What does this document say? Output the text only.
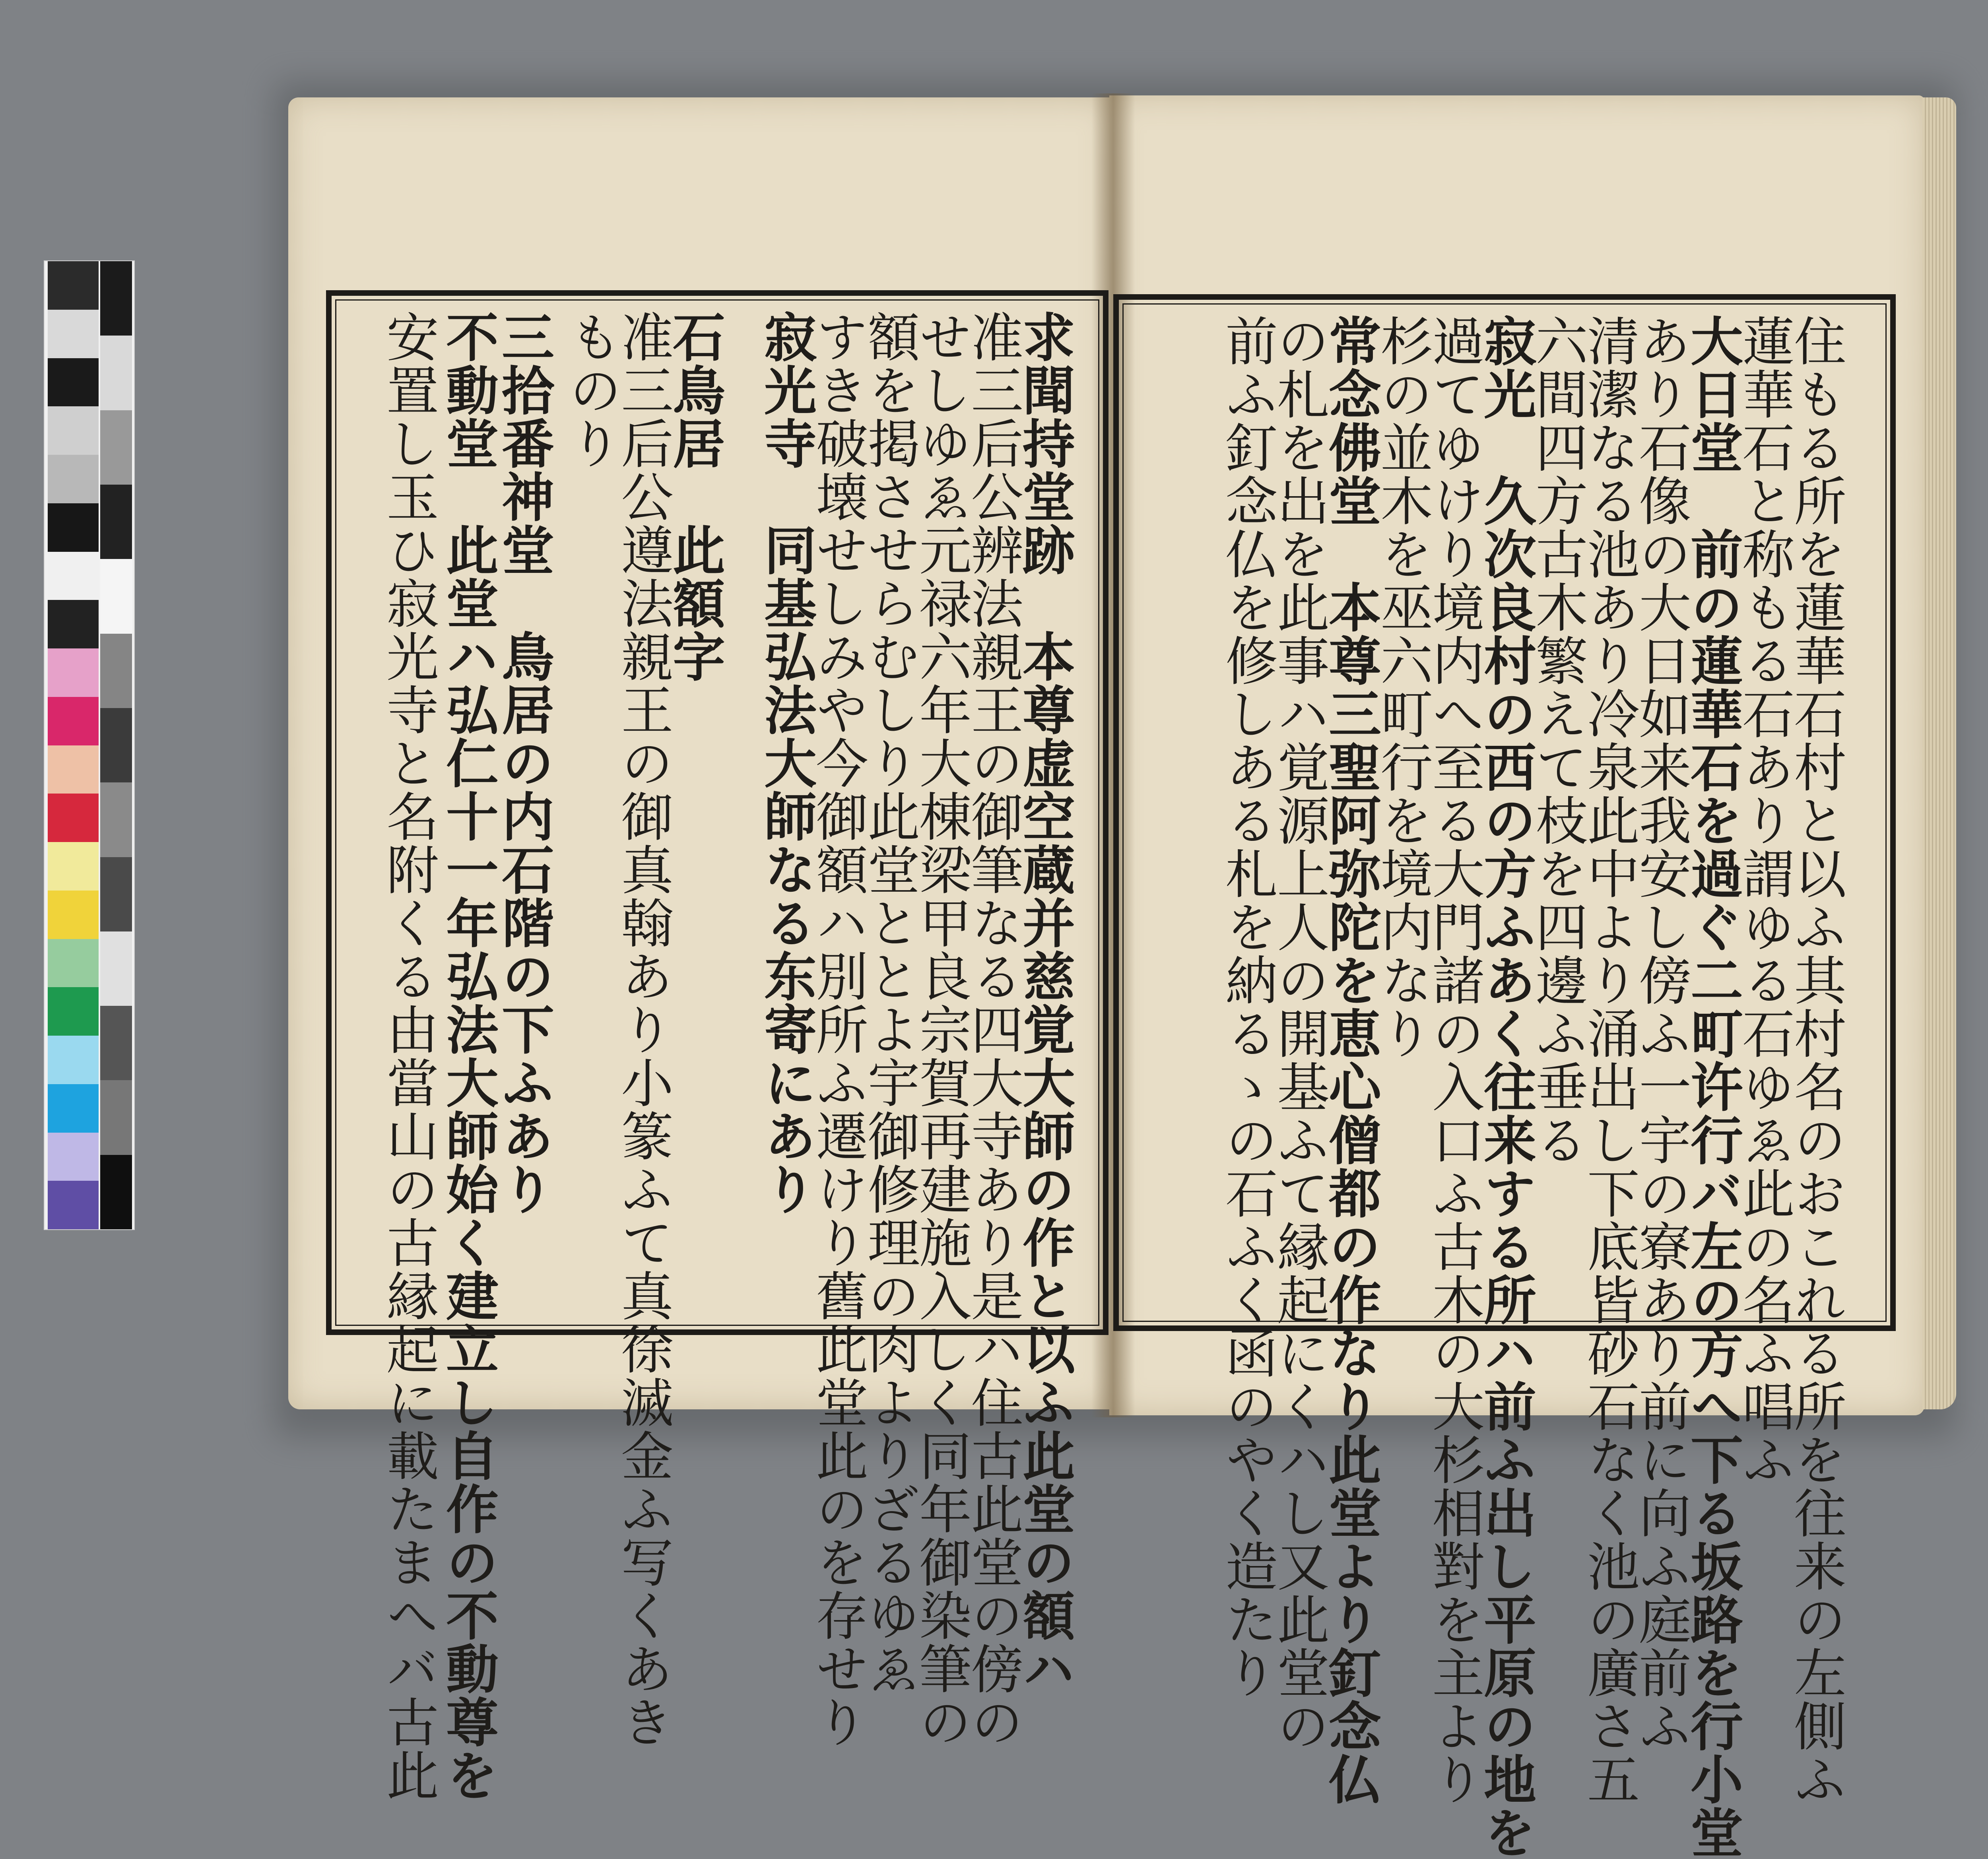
住もる所を蓮華石村と以ふ其村名のおこれる所を往来の左側ふ
蓮華石と称もる石あり謂ゆる石ゆゑ此の名ふ唱ふ
大日堂　前の蓮華石を過ぐ二町许行バ左の方へ下る坂路を行小堂
あり石像の大日如来我安し傍ふ一宇の寮あり前に向ふ庭前ふ
清潔なる池あり冷泉此中より涌出し下底皆砂石なく池の廣さ五
六間四方古木繁えて枝を四邊ふ垂る
寂光　久次良村の西の方ふあく往来する所ハ前ふ出し平原の地を
過てゆけり境内へ至る大門諸の入口ふ古木の大杉相對を主より
杉の並木を巫六町行を境内なり
常念佛堂　本尊三聖阿弥陀を恵心僧都の作なり此堂より釘念仏
の札を出を此事ハ覚源上人の開基ふて縁起にくハし又此堂の
前ふ釘念仏を修しある札を納るゝの石ふく函のやく造たり
求聞持堂跡　本尊虚空蔵并慈覚大師の作と以ふ此堂の額ハ
准三后公辨法親王の御筆なる四大寺あり是ハ住古此堂の傍の
せしゆゑ元禄六年大棟梁甲良宗賀再建施入しく同年御染筆の
額を掲させらむしり此堂ととよ宇御修理の肉よりざるゆゑ
すき破壊せしみや今御額ハ別所ふ遷けり舊此堂此のを存せり
寂光寺　同基弘法大師なる东寄にあり
石鳥居　此額字
准三后公遵法親王の御真翰あり小篆ふて真徐滅金ふ写くあき
ものり
三拾番神堂　鳥居の内石階の下ふあり
不動堂　此堂ハ弘仁十一年弘法大師始く建立し自作の不動尊を
安置し玉ひ寂光寺と名附くる由當山の古縁起に載たまへバ古此
